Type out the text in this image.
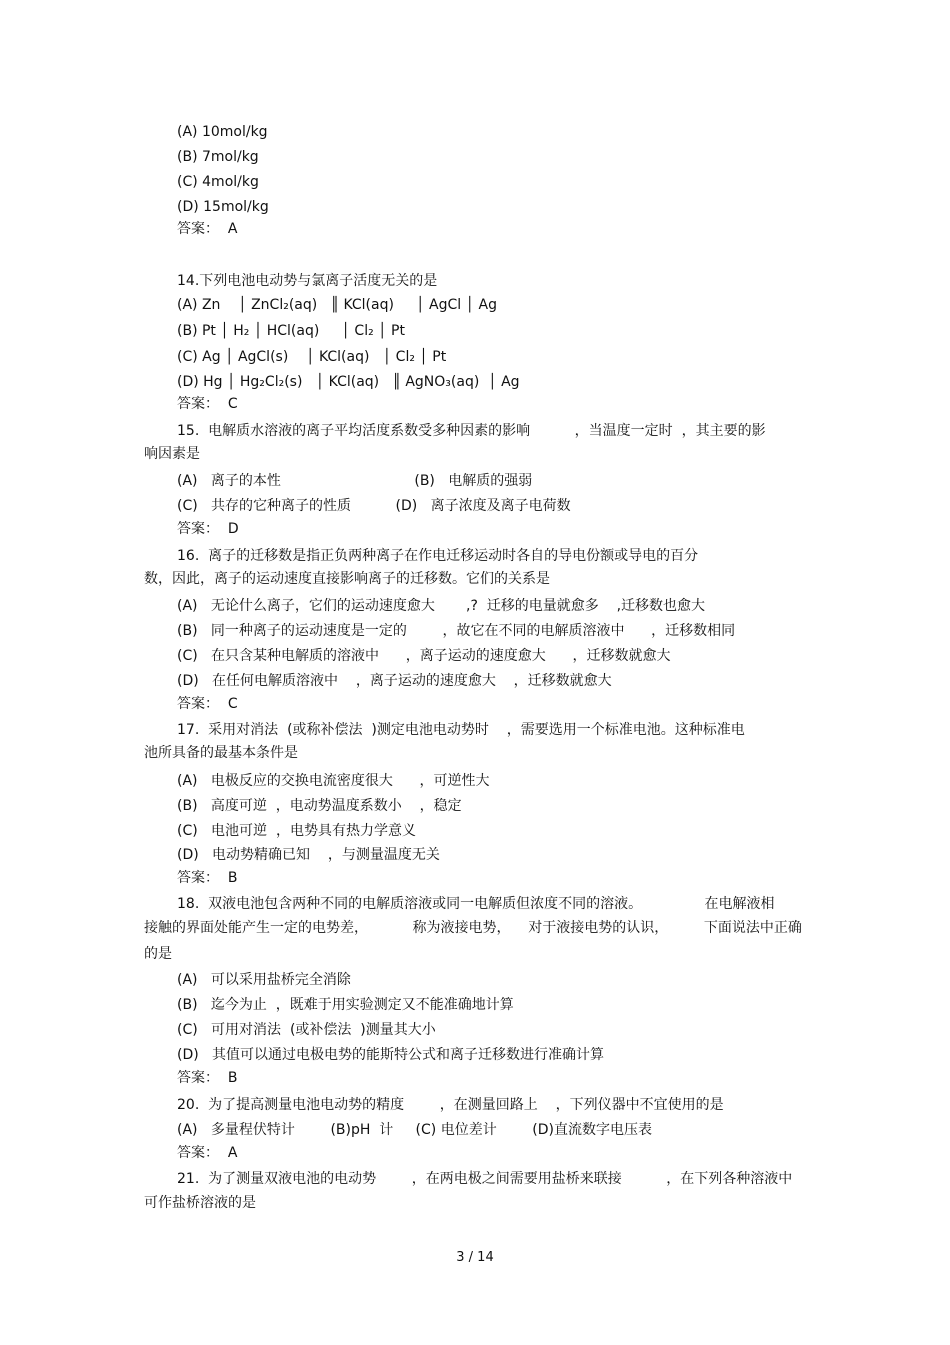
(A) 10mol/kg
(B) 7mol/kg
(C) 4mol/kg
(D) 15mol/kg
答案：  A
14.下列电池电动势与氯离子活度无关的是
(A) Zn    │ ZnCl₂(aq)   ║ KCl(aq)     │ AgCl │ Ag
(B) Pt │ H₂ │ HCl(aq)     │ Cl₂ │ Pt
(C) Ag │ AgCl(s)    │ KCl(aq)   │ Cl₂ │ Pt
(D) Hg │ Hg₂Cl₂(s)   │ KCl(aq)   ║ AgNO₃(aq)  │ Ag
答案：  C
15.  电解质水溶液的离子平均活度系数受多种因素的影响          ，当温度一定时  ，其主要的影
响因素是
(A)   离子的本性                              (B)   电解质的强弱
(C)   共存的它种离子的性质          (D)   离子浓度及离子电荷数
答案：  D
16.  离子的迁移数是指正负两种离子在作电迁移运动时各自的导电份额或导电的百分
数，因此，离子的运动速度直接影响离子的迁移数。它们的关系是
(A)   无论什么离子，它们的运动速度愈大       ,?  迁移的电量就愈多    ,迁移数也愈大
(B)   同一种离子的运动速度是一定的        ，故它在不同的电解质溶液中      ，迁移数相同
(C)   在只含某种电解质的溶液中      ，离子运动的速度愈大      ，迁移数就愈大
(D)   在任何电解质溶液中    ，离子运动的速度愈大    ，迁移数就愈大
答案：  C
17.  采用对消法  (或称补偿法  )测定电池电动势时    ，需要选用一个标准电池。这种标准电
池所具备的最基本条件是
(A)   电极反应的交换电流密度很大      ，可逆性大
(B)   高度可逆  ，电动势温度系数小    ，稳定
(C)   电池可逆  ，电势具有热力学意义
(D)   电动势精确已知    ，与测量温度无关
答案：  B
18.  双液电池包含两种不同的电解质溶液或同一电解质但浓度不同的溶液。              在电解液相
接触的界面处能产生一定的电势差，          称为液接电势，    对于液接电势的认识，        下面说法中正确
的是
(A)   可以采用盐桥完全消除
(B)   迄今为止  ，既难于用实验测定又不能准确地计算
(C)   可用对消法  (或补偿法  )测量其大小
(D)   其值可以通过电极电势的能斯特公式和离子迁移数进行准确计算
答案：  B
20.  为了提高测量电池电动势的精度        ，在测量回路上    ，下列仪器中不宜使用的是
(A)   多量程伏特计        (B)pH  计     (C) 电位差计        (D)直流数字电压表
答案：  A
21.  为了测量双液电池的电动势        ，在两电极之间需要用盐桥来联接          ，在下列各种溶液中
可作盐桥溶液的是
3 / 14
